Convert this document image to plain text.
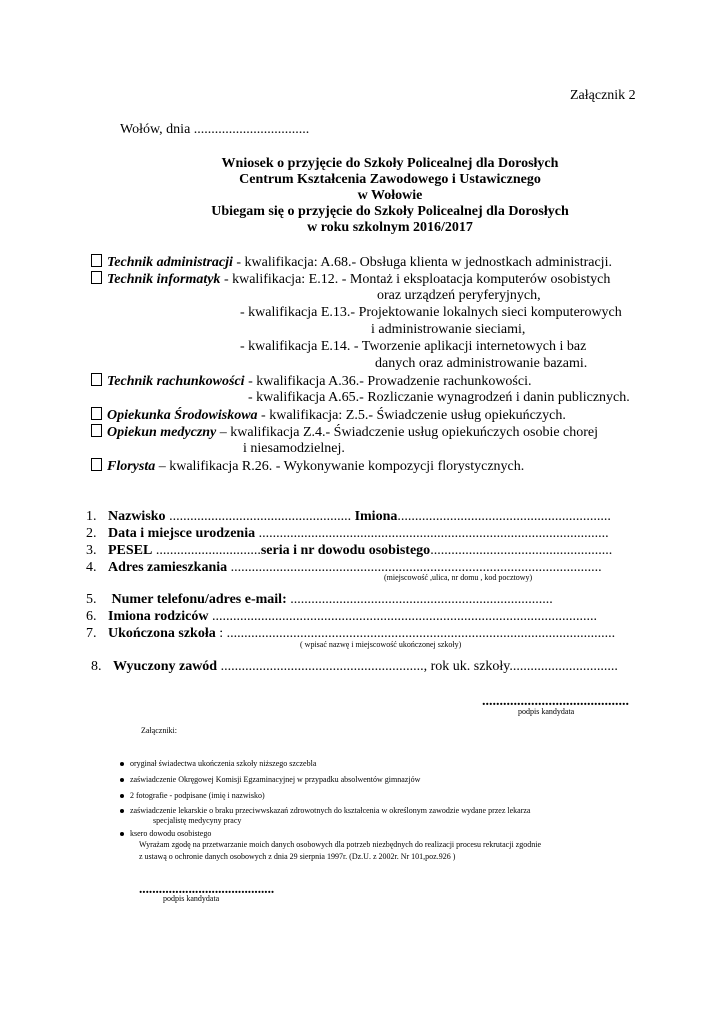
Załącznik 2
Wołów, dnia .................................
Wniosek o przyjęcie do Szkoły Policealnej dla Dorosłych
Centrum Kształcenia Zawodowego i Ustawicznego
w Wołowie
Ubiegam się o przyjęcie do Szkoły Policealnej dla Dorosłych
w roku szkolnym 2016/2017
Technik administracji - kwalifikacja: A.68.- Obsługa klienta w jednostkach administracji.
Technik informatyk - kwalifikacja: E.12. - Montaż i eksploatacja komputerów osobistych
oraz urządzeń peryferyjnych,
- kwalifikacja E.13.- Projektowanie lokalnych sieci komputerowych
i administrowanie sieciami,
- kwalifikacja E.14. - Tworzenie aplikacji internetowych i baz
danych oraz administrowanie bazami.
Technik rachunkowości - kwalifikacja A.36.- Prowadzenie rachunkowości.
- kwalifikacja A.65.- Rozliczanie wynagrodzeń i danin publicznych.
Opiekunka Środowiskowa - kwalifikacja: Z.5.- Świadczenie usług opiekuńczych.
Opiekun medyczny – kwalifikacja Z.4.- Świadczenie usług opiekuńczych osobie chorej
i niesamodzielnej.
Florysta – kwalifikacja R.26. - Wykonywanie kompozycji florystycznych.
1. Nazwisko .................................................... Imiona.............................................................
2. Data i miejsce urodzenia ....................................................................................................
3. PESEL ..............................seria i nr dowodu osobistego....................................................
4. Adres zamieszkania ..........................................................................................................
(miejscowość ,ulica, nr domu , kod pocztowy)
5. Numer telefonu/adres e-mail: ...........................................................................
6. Imiona rodziców ..............................................................................................................
7. Ukończona szkoła : ...............................................................................................................
( wpisać nazwę i miejscowość ukończonej szkoły)
8. Wyuczony zawód .........................................................., rok uk. szkoły...............................
..........................................
podpis kandydata
Załączniki:
oryginał świadectwa ukończenia szkoły niższego szczebla
zaświadczenie Okręgowej Komisji Egzaminacyjnej w przypadku absolwentów gimnazjów
2 fotografie - podpisane (imię i nazwisko)
zaświadczenie lekarskie o braku przeciwwskazań zdrowotnych do kształcenia w określonym zawodzie wydane przez lekarza
specjalistę medycyny pracy
ksero dowodu osobistego
Wyrażam zgodę na przetwarzanie moich danych osobowych dla potrzeb niezbędnych do realizacji procesu rekrutacji zgodnie
z ustawą o ochronie danych osobowych z dnia 29 sierpnia 1997r. (Dz.U. z 2002r. Nr 101,poz.926 )
.........................................
podpis kandydata
